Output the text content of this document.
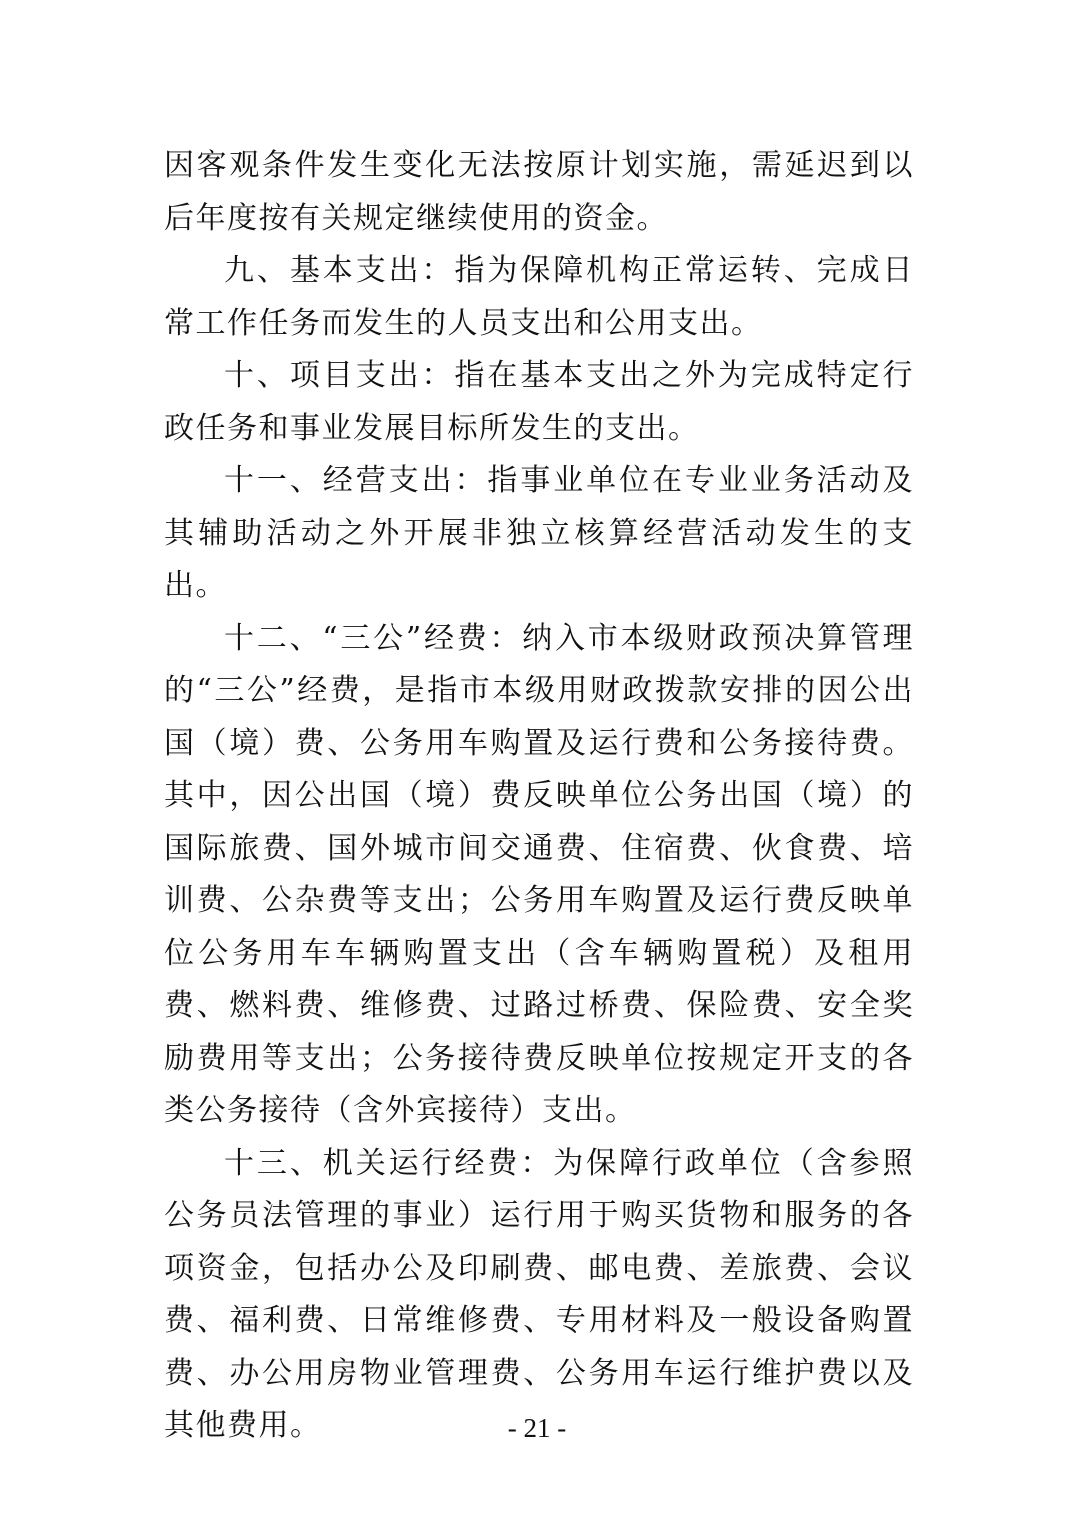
因客观条件发生变化无法按原计划实施，需延迟到以后年度按有关规定继续使用的资金。

九、基本支出：指为保障机构正常运转、完成日常工作任务而发生的人员支出和公用支出。

十、项目支出：指在基本支出之外为完成特定行政任务和事业发展目标所发生的支出。

十一、经营支出：指事业单位在专业业务活动及其辅助活动之外开展非独立核算经营活动发生的支出。

十二、“三公”经费：纳入市本级财政预决算管理的“三公”经费，是指市本级用财政拨款安排的因公出国（境）费、公务用车购置及运行费和公务接待费。其中，因公出国（境）费反映单位公务出国（境）的国际旅费、国外城市间交通费、住宿费、伙食费、培训费、公杂费等支出；公务用车购置及运行费反映单位公务用车车辆购置支出（含车辆购置税）及租用费、燃料费、维修费、过路过桥费、保险费、安全奖励费用等支出；公务接待费反映单位按规定开支的各类公务接待（含外宾接待）支出。

十三、机关运行经费：为保障行政单位（含参照公务员法管理的事业）运行用于购买货物和服务的各项资金，包括办公及印刷费、邮电费、差旅费、会议费、福利费、日常维修费、专用材料及一般设备购置费、办公用房物业管理费、公务用车运行维护费以及其他费用。	- 21 -
